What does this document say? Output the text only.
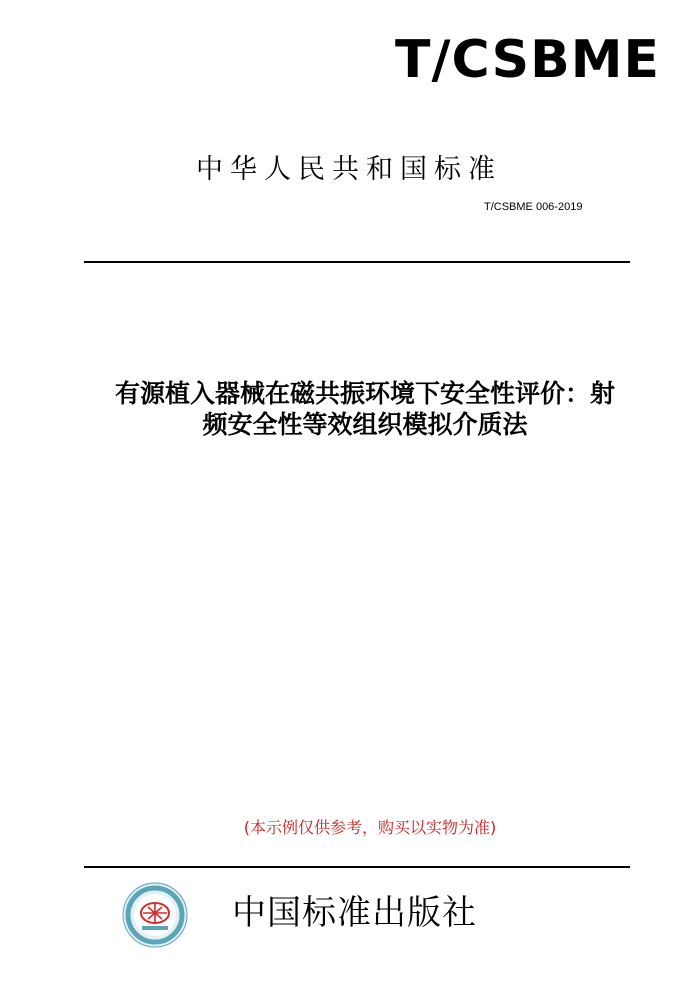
T/CSBME
中华人民共和国标准
T/CSBME 006-2019
有源植入器械在磁共振环境下安全性评价：射
频安全性等效组织模拟介质法
(本示例仅供参考，购买以实物为准)
中国标准出版社
